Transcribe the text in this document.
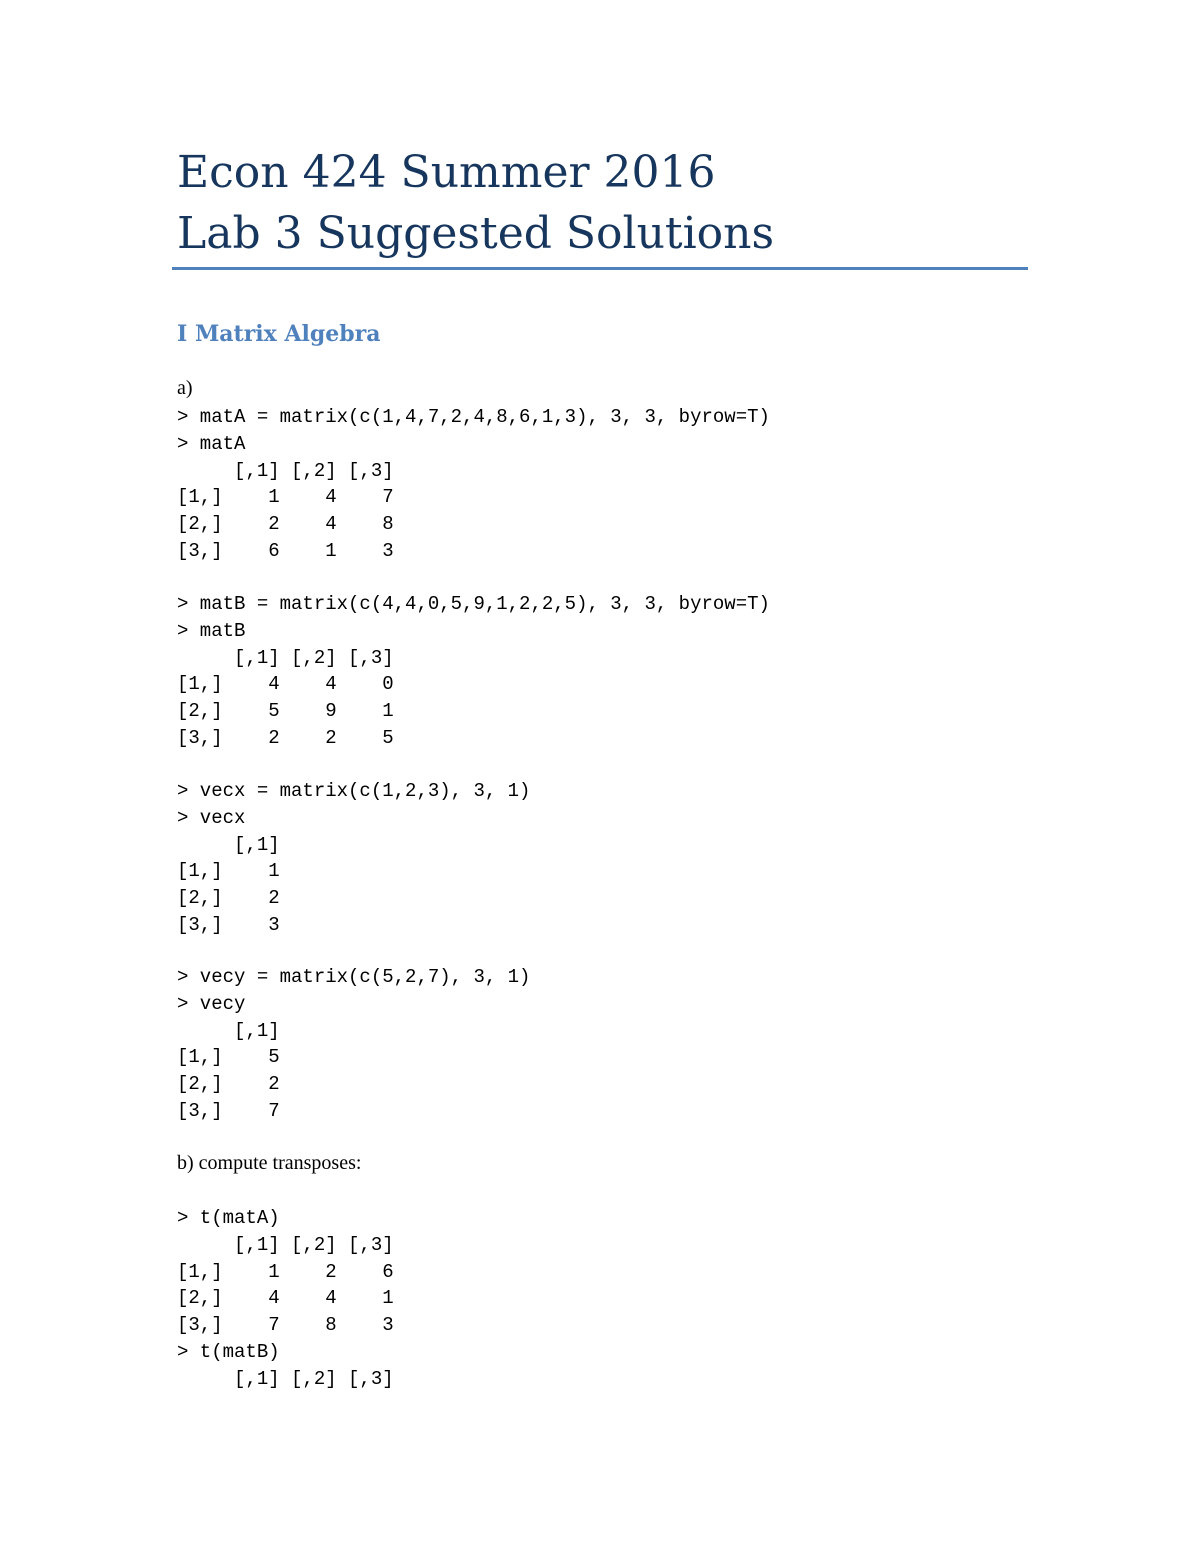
Econ 424 Summer 2016
Lab 3 Suggested Solutions
I Matrix Algebra
a)
> matA = matrix(c(1,4,7,2,4,8,6,1,3), 3, 3, byrow=T)
> matA
[,1] [,2] [,3]
[1,]    1    4    7
[2,]    2    4    8
[3,]    6    1    3
> matB = matrix(c(4,4,0,5,9,1,2,2,5), 3, 3, byrow=T)
> matB
[,1] [,2] [,3]
[1,]    4    4    0
[2,]    5    9    1
[3,]    2    2    5
> vecx = matrix(c(1,2,3), 3, 1)
> vecx
[,1]
[1,]    1
[2,]    2
[3,]    3
> vecy = matrix(c(5,2,7), 3, 1)
> vecy
[,1]
[1,]    5
[2,]    2
[3,]    7
b) compute transposes:
> t(matA)
[,1] [,2] [,3]
[1,]    1    2    6
[2,]    4    4    1
[3,]    7    8    3
> t(matB)
[,1] [,2] [,3]
